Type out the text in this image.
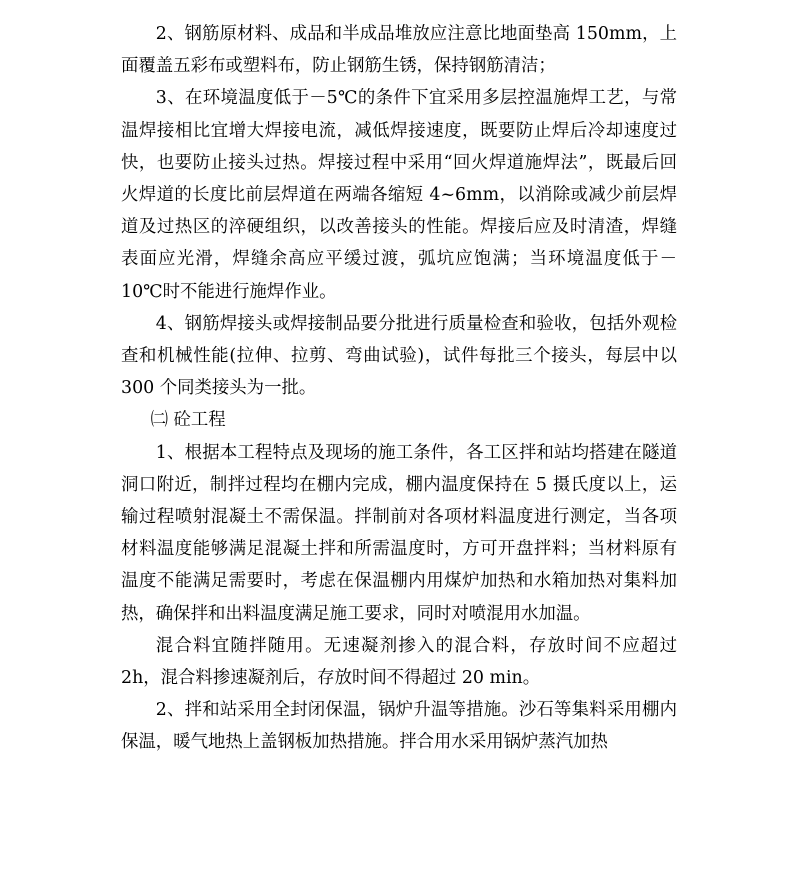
2、钢筋原材料、成品和半成品堆放应注意比地面垫高 150mm，上面覆盖五彩布或塑料布，防止钢筋生锈，保持钢筋清洁；

3、在环境温度低于－5℃的条件下宜采用多层控温施焊工艺，与常温焊接相比宜增大焊接电流，减低焊接速度，既要防止焊后冷却速度过快，也要防止接头过热。焊接过程中采用“回火焊道施焊法”，既最后回火焊道的长度比前层焊道在两端各缩短 4~6mm，以消除或减少前层焊道及过热区的淬硬组织，以改善接头的性能。焊接后应及时清渣，焊缝表面应光滑，焊缝余高应平缓过渡，弧坑应饱满；当环境温度低于－10℃时不能进行施焊作业。

4、钢筋焊接头或焊接制品要分批进行质量检查和验收，包括外观检查和机械性能(拉伸、拉剪、弯曲试验)，试件每批三个接头，每层中以 300 个同类接头为一批。

㈡ 砼工程

1、根据本工程特点及现场的施工条件，各工区拌和站均搭建在隧道洞口附近，制拌过程均在棚内完成，棚内温度保持在 5 摄氏度以上，运输过程喷射混凝土不需保温。拌制前对各项材料温度进行测定，当各项材料温度能够满足混凝土拌和所需温度时，方可开盘拌料；当材料原有温度不能满足需要时，考虑在保温棚内用煤炉加热和水箱加热对集料加热，确保拌和出料温度满足施工要求，同时对喷混用水加温。

混合料宜随拌随用。无速凝剂掺入的混合料，存放时间不应超过 2h，混合料掺速凝剂后，存放时间不得超过 20 min。

2、拌和站采用全封闭保温，锅炉升温等措施。沙石等集料采用棚内保温，暖气地热上盖钢板加热措施。拌合用水采用锅炉蒸汽加热
